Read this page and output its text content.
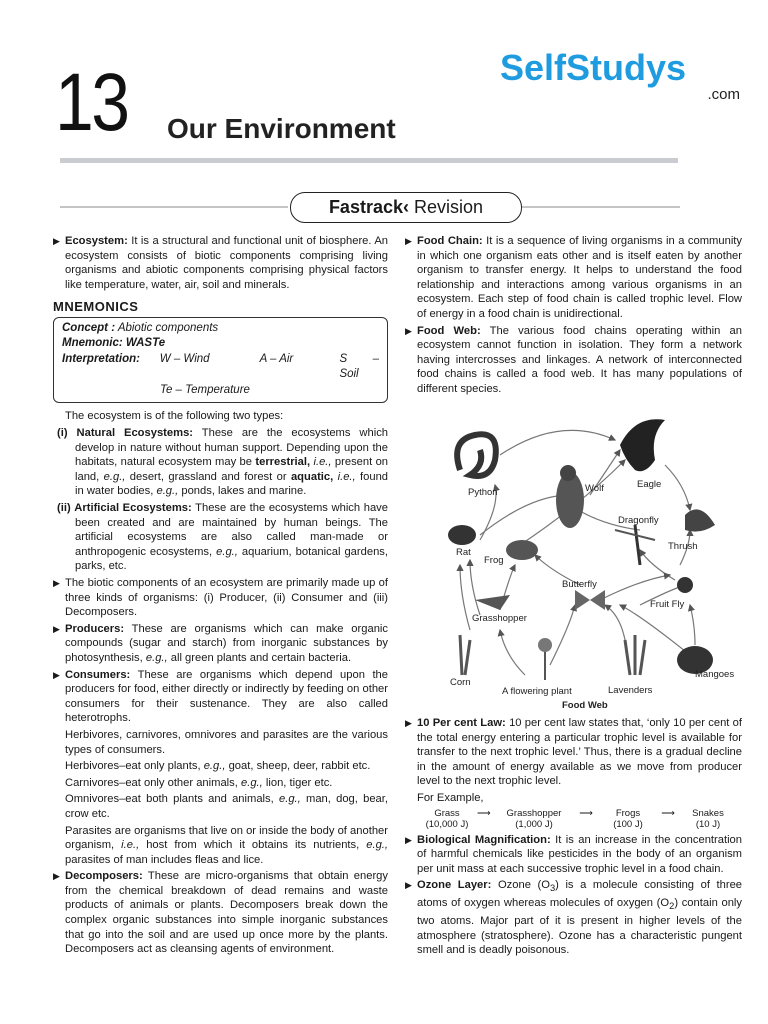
13 Our Environment
SelfStudys
.com
Fastrack‹ Revision

▶ Ecosystem: It is a structural and functional unit of biosphere. An ecosystem consists of biotic components comprising living organisms and abiotic components comprising physical factors like temperature, water, air, soil and minerals.

MNEMONICS
Concept : Abiotic components
Mnemonic: WASTe
Interpretation:	W – Wind	A – Air	S – Soil
Te – Temperature

The ecosystem is of the following two types:

(i) Natural Ecosystems: These are the ecosystems which develop in nature without human support. Depending upon the habitats, natural ecosystem may be terrestrial, i.e., present on land, e.g., desert, grassland and forest or aquatic, i.e., found in water bodies, e.g., ponds, lakes and marine.

(ii) Artificial Ecosystems: These are the ecosystems which have been created and are maintained by human beings. The artificial ecosystems are also called man-made or anthropogenic ecosystems, e.g., aquarium, botanical gardens, parks, etc.

▶ The biotic components of an ecosystem are primarily made up of three kinds of organisms: (i) Producer, (ii) Consumer and (iii) Decomposers.

▶ Producers: These are organisms which can make organic compounds (sugar and starch) from inorganic substances by photosynthesis, e.g., all green plants and certain bacteria.

▶ Consumers: These are organisms which depend upon the producers for food, either directly or indirectly by feeding on other consumers for their sustenance. They are also called heterotrophs.

Herbivores, carnivores, omnivores and parasites are the various types of consumers.

Herbivores–eat only plants, e.g., goat, sheep, deer, rabbit etc.

Carnivores–eat only other animals, e.g., lion, tiger etc.

Omnivores–eat both plants and animals, e.g., man, dog, bear, crow etc.

Parasites are organisms that live on or inside the body of another organism, i.e., host from which it obtains its nutrients, e.g., parasites of man includes fleas and lice.

▶ Decomposers: These are micro-organisms that obtain energy from the chemical breakdown of dead remains and waste products of animals or plants. Decomposers break down the complex organic substances into simple inorganic substances that go into the soil and are used up once more by the plants. Decomposers act as cleansing agents of environment.

▶ Food Chain: It is a sequence of living organisms in a community in which one organism eats other and is itself eaten by another organism to transfer energy. It helps to understand the food relationship and interactions among various organisms in an ecosystem. Each step of food chain is called trophic level. Flow of energy in a food chain is unidirectional.

▶ Food Web: The various food chains operating within an ecosystem cannot function in isolation. They form a network having intercrosses and linkages. A network of interconnected food chains is called a food web. It has many populations of different species.

Python	Wolf	Eagle
Dragonfly
Thrush
Rat
Frog
Butterfly
Fruit Fly
Grasshopper
Corn
A flowering plant	Lavenders
Mangoes
Food Web

▶ 10 Per cent Law: 10 per cent law states that, ‘only 10 per cent of the total energy entering a particular trophic level is available for transfer to the next trophic level.’ Thus, there is a gradual decline in the amount of energy available as we move from producer level to the next trophic level.

For Example,

Grass	⟶	Grasshopper	⟶	Frogs	⟶	Snakes
(10,000 J)	(1,000 J)	(100 J)	(10 J)

▶ Biological Magnification: It is an increase in the concentration of harmful chemicals like pesticides in the body of an organism per unit mass at each successive trophic level in a food chain.

▶ Ozone Layer: Ozone $(O_3)$ is a molecule consisting of three atoms of oxygen whereas molecules of oxygen $(O_2)$ contain only two atoms. Major part of it is present in higher levels of the atmosphere (stratosphere). Ozone has a characteristic pungent smell and is deadly poisonous.
